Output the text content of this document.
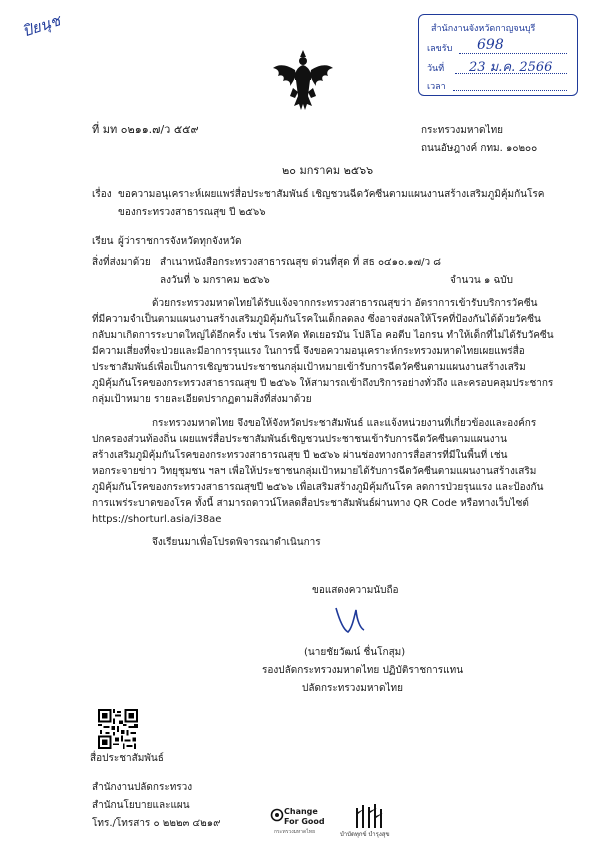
ปิยนุช	สำนักงานจังหวัดกาญจนบุรี
เลขรับ 698
วันที่ 23 ม.ค. 2566
เวลา
ที่ มท ๐๒๑๑.๗/ว ๕๕๙	กระทรวงมหาดไทย
ถนนอัษฎางค์ กทม. ๑๐๒๐๐
๒๐ มกราคม ๒๕๖๖
เรื่อง ขอความอนุเคราะห์เผยแพร่สื่อประชาสัมพันธ์ เชิญชวนฉีดวัคซีนตามแผนงานสร้างเสริมภูมิคุ้มกันโรค
ของกระทรวงสาธารณสุข ปี ๒๕๖๖
เรียน ผู้ว่าราชการจังหวัดทุกจังหวัด
สิ่งที่ส่งมาด้วย สำเนาหนังสือกระทรวงสาธารณสุข ด่วนที่สุด ที่ สธ ๐๔๑๐.๑๗/ว ๘
ลงวันที่ ๖ มกราคม ๒๕๖๖	จำนวน ๑ ฉบับ
ด้วยกระทรวงมหาดไทยได้รับแจ้งจากกระทรวงสาธารณสุขว่า อัตราการเข้ารับบริการวัคซีน
ที่มีความจำเป็นตามแผนงานสร้างเสริมภูมิคุ้มกันโรคในเด็กลดลง ซึ่งอาจส่งผลให้โรคที่ป้องกันได้ด้วยวัคซีน
กลับมาเกิดการระบาดใหญ่ได้อีกครั้ง เช่น โรคหัด หัดเยอรมัน โปลิโอ คอตีบ ไอกรน ทำให้เด็กที่ไม่ได้รับวัคซีน
มีความเสี่ยงที่จะป่วยและมีอาการรุนแรง ในการนี้ จึงขอความอนุเคราะห์กระทรวงมหาดไทยเผยแพร่สื่อ
ประชาสัมพันธ์เพื่อเป็นการเชิญชวนประชาชนกลุ่มเป้าหมายเข้ารับการฉีดวัคซีนตามแผนงานสร้างเสริม
ภูมิคุ้มกันโรคของกระทรวงสาธารณสุข ปี ๒๕๖๖ ให้สามารถเข้าถึงบริการอย่างทั่วถึง และครอบคลุมประชากร
กลุ่มเป้าหมาย รายละเอียดปรากฏตามสิ่งที่ส่งมาด้วย
กระทรวงมหาดไทย จึงขอให้จังหวัดประชาสัมพันธ์ และแจ้งหน่วยงานที่เกี่ยวข้องและองค์กร
ปกครองส่วนท้องถิ่น เผยแพร่สื่อประชาสัมพันธ์เชิญชวนประชาชนเข้ารับการฉีดวัคซีนตามแผนงาน
สร้างเสริมภูมิคุ้มกันโรคของกระทรวงสาธารณสุข ปี ๒๕๖๖ ผ่านช่องทางการสื่อสารที่มีในพื้นที่ เช่น
หอกระจายข่าว วิทยุชุมชน ฯลฯ เพื่อให้ประชาชนกลุ่มเป้าหมายได้รับการฉีดวัคซีนตามแผนงานสร้างเสริม
ภูมิคุ้มกันโรคของกระทรวงสาธารณสุขปี ๒๕๖๖ เพื่อเสริมสร้างภูมิคุ้มกันโรค ลดการป่วยรุนแรง และป้องกัน
การแพร่ระบาดของโรค ทั้งนี้ สามารถดาวน์โหลดสื่อประชาสัมพันธ์ผ่านทาง QR Code หรือทางเว็บไซต์
https://shorturl.asia/i38ae
จึงเรียนมาเพื่อโปรดพิจารณาดำเนินการ
ขอแสดงความนับถือ
(นายชัยวัฒน์ ชื่นโกสุม)
รองปลัดกระทรวงมหาดไทย ปฏิบัติราชการแทน
ปลัดกระทรวงมหาดไทย
สื่อประชาสัมพันธ์
สำนักงานปลัดกระทรวง
สำนักนโยบายและแผน
โทร./โทรสาร ๐ ๒๒๒๓ ๔๒๑๙
Change
For Good
กระทรวงมหาดไทย	บำบัดทุกข์ บำรุงสุข
